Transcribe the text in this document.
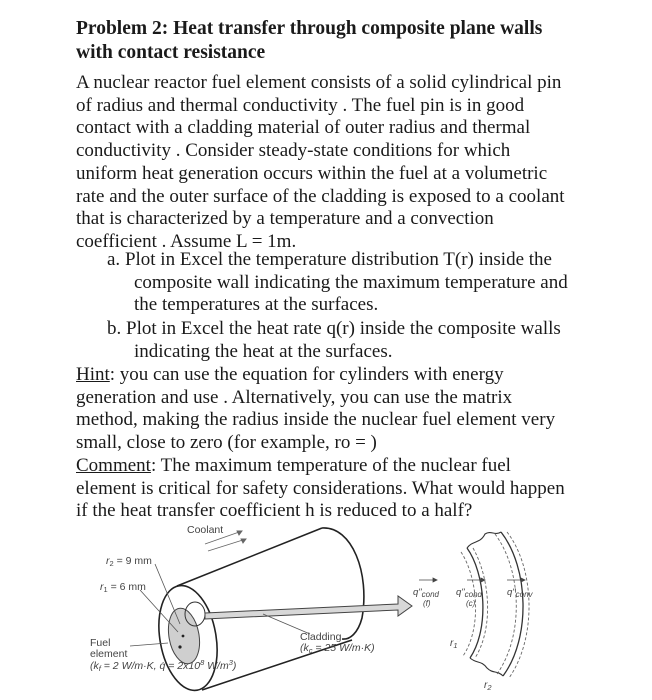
Problem 2: Heat transfer through composite plane walls
with contact resistance
A nuclear reactor fuel element consists of a solid cylindrical pin
of radius and thermal conductivity . The fuel pin is in good
contact with a cladding material of outer radius and thermal
conductivity . Consider steady-state conditions for which
uniform heat generation occurs within the fuel at a volumetric
rate and the outer surface of the cladding is exposed to a coolant
that is characterized by a temperature and a convection
coefficient . Assume L = 1m.
a. Plot in Excel the temperature distribution T(r) inside the
composite wall indicating the maximum temperature and
the temperatures at the surfaces.
b. Plot in Excel the heat rate q(r) inside the composite walls
indicating the heat at the surfaces.
Hint: you can use the equation for cylinders with energy
generation and use . Alternatively, you can use the matrix
method, making the radius inside the nuclear fuel element very
small, close to zero (for example, ro = )
Comment: The maximum temperature of the nuclear fuel
element is critical for safety considerations. What would happen
if the heat transfer coefficient h is reduced to a half?
Coolant
r2 = 9 mm
r1 = 6 mm
Fuel
element
(kf = 2 W/m·K, q̇ = $2x10^8$ $W/m^3$)
Cladding
(kc = 25 W/m·K)
$q"_{cond}$
(f)
$q"_{cond}$
(c)
$q"_{conv}$
$r_1$
$r_2$
